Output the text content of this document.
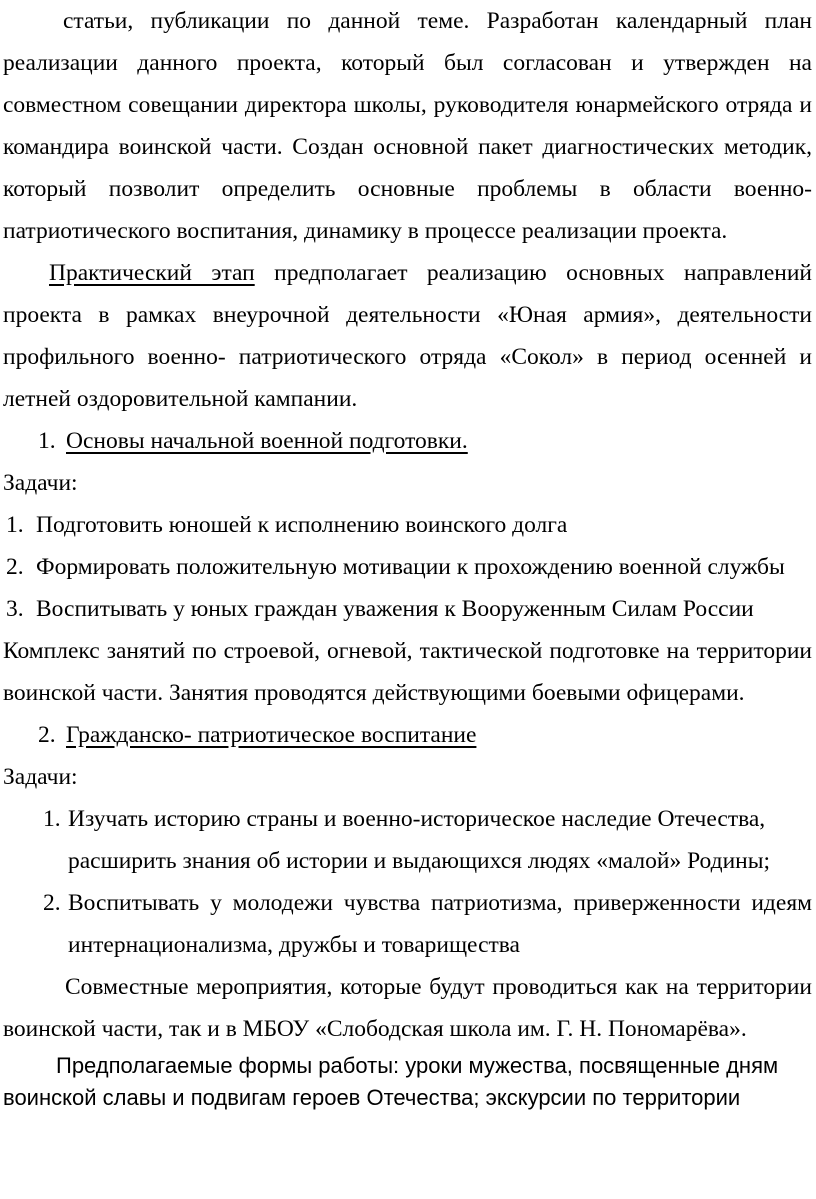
статьи, публикации по данной теме. Разработан календарный план реализации данного проекта, который был согласован и утвержден на совместном совещании директора школы, руководителя юнармейского отряда и командира воинской части. Создан основной пакет диагностических методик, который позволит определить основные проблемы в области военно-патриотического воспитания, динамику в процессе реализации проекта.

Практический этап предполагает реализацию основных направлений проекта в рамках внеурочной деятельности «Юная армия», деятельности профильного военно- патриотического отряда «Сокол» в период осенней и летней оздоровительной кампании.

1. Основы начальной военной подготовки.

Задачи:

1. Подготовить юношей к исполнению воинского долга
2. Формировать положительную мотивации к прохождению военной службы
3. Воспитывать у юных граждан уважения к Вооруженным Силам России

Комплекс занятий по строевой, огневой, тактической подготовке на территории воинской части. Занятия проводятся действующими боевыми офицерами.

2. Гражданско- патриотическое воспитание

Задачи:

1. Изучать историю страны и военно-историческое наследие Отечества, расширить знания об истории и выдающихся людях «малой» Родины;
2. Воспитывать у молодежи чувства патриотизма, приверженности идеям интернационализма, дружбы и товарищества

Совместные мероприятия, которые будут проводиться как на территории воинской части, так и в МБОУ «Слободская школа им. Г. Н. Пономарёва».

Предполагаемые формы работы: уроки мужества, посвященные дням воинской славы и подвигам героев Отечества; экскурсии по территории
